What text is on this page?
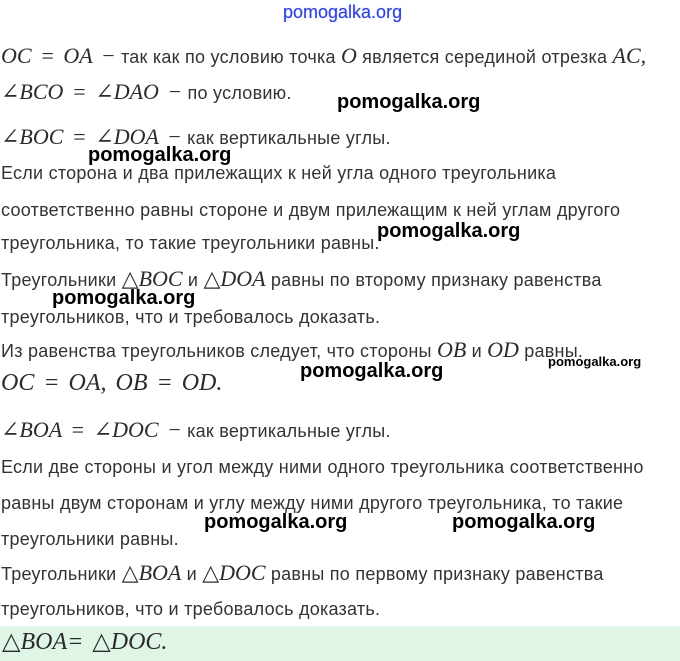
pomogalka.org
OC = OA − так как по условию точка O является серединой отрезка AC,
∠BCO = ∠DAO − по условию.
∠BOC = ∠DOA − как вертикальные углы.
Если сторона и два прилежащих к ней угла одного треугольника
соответственно равны стороне и двум прилежащим к ней углам другого
треугольника, то такие треугольники равны.
Треугольники △BOC и △DOA равны по второму признаку равенства
треугольников, что и требовалось доказать.
Из равенства треугольников следует, что стороны OB и OD равны.
OC = OA, OB = OD.
∠BOA = ∠DOC − как вертикальные углы.
Если две стороны и угол между ними одного треугольника соответственно
равны двум сторонам и углу между ними другого треугольника, то такие
треугольники равны.
Треугольники △BOA и △DOC равны по первому признаку равенства
треугольников, что и требовалось доказать.
△BOA= △DOC.
pomogalka.org
pomogalka.org
pomogalka.org
pomogalka.org
pomogalka.org	pomogalka.org
pomogalka.org	pomogalka.org
